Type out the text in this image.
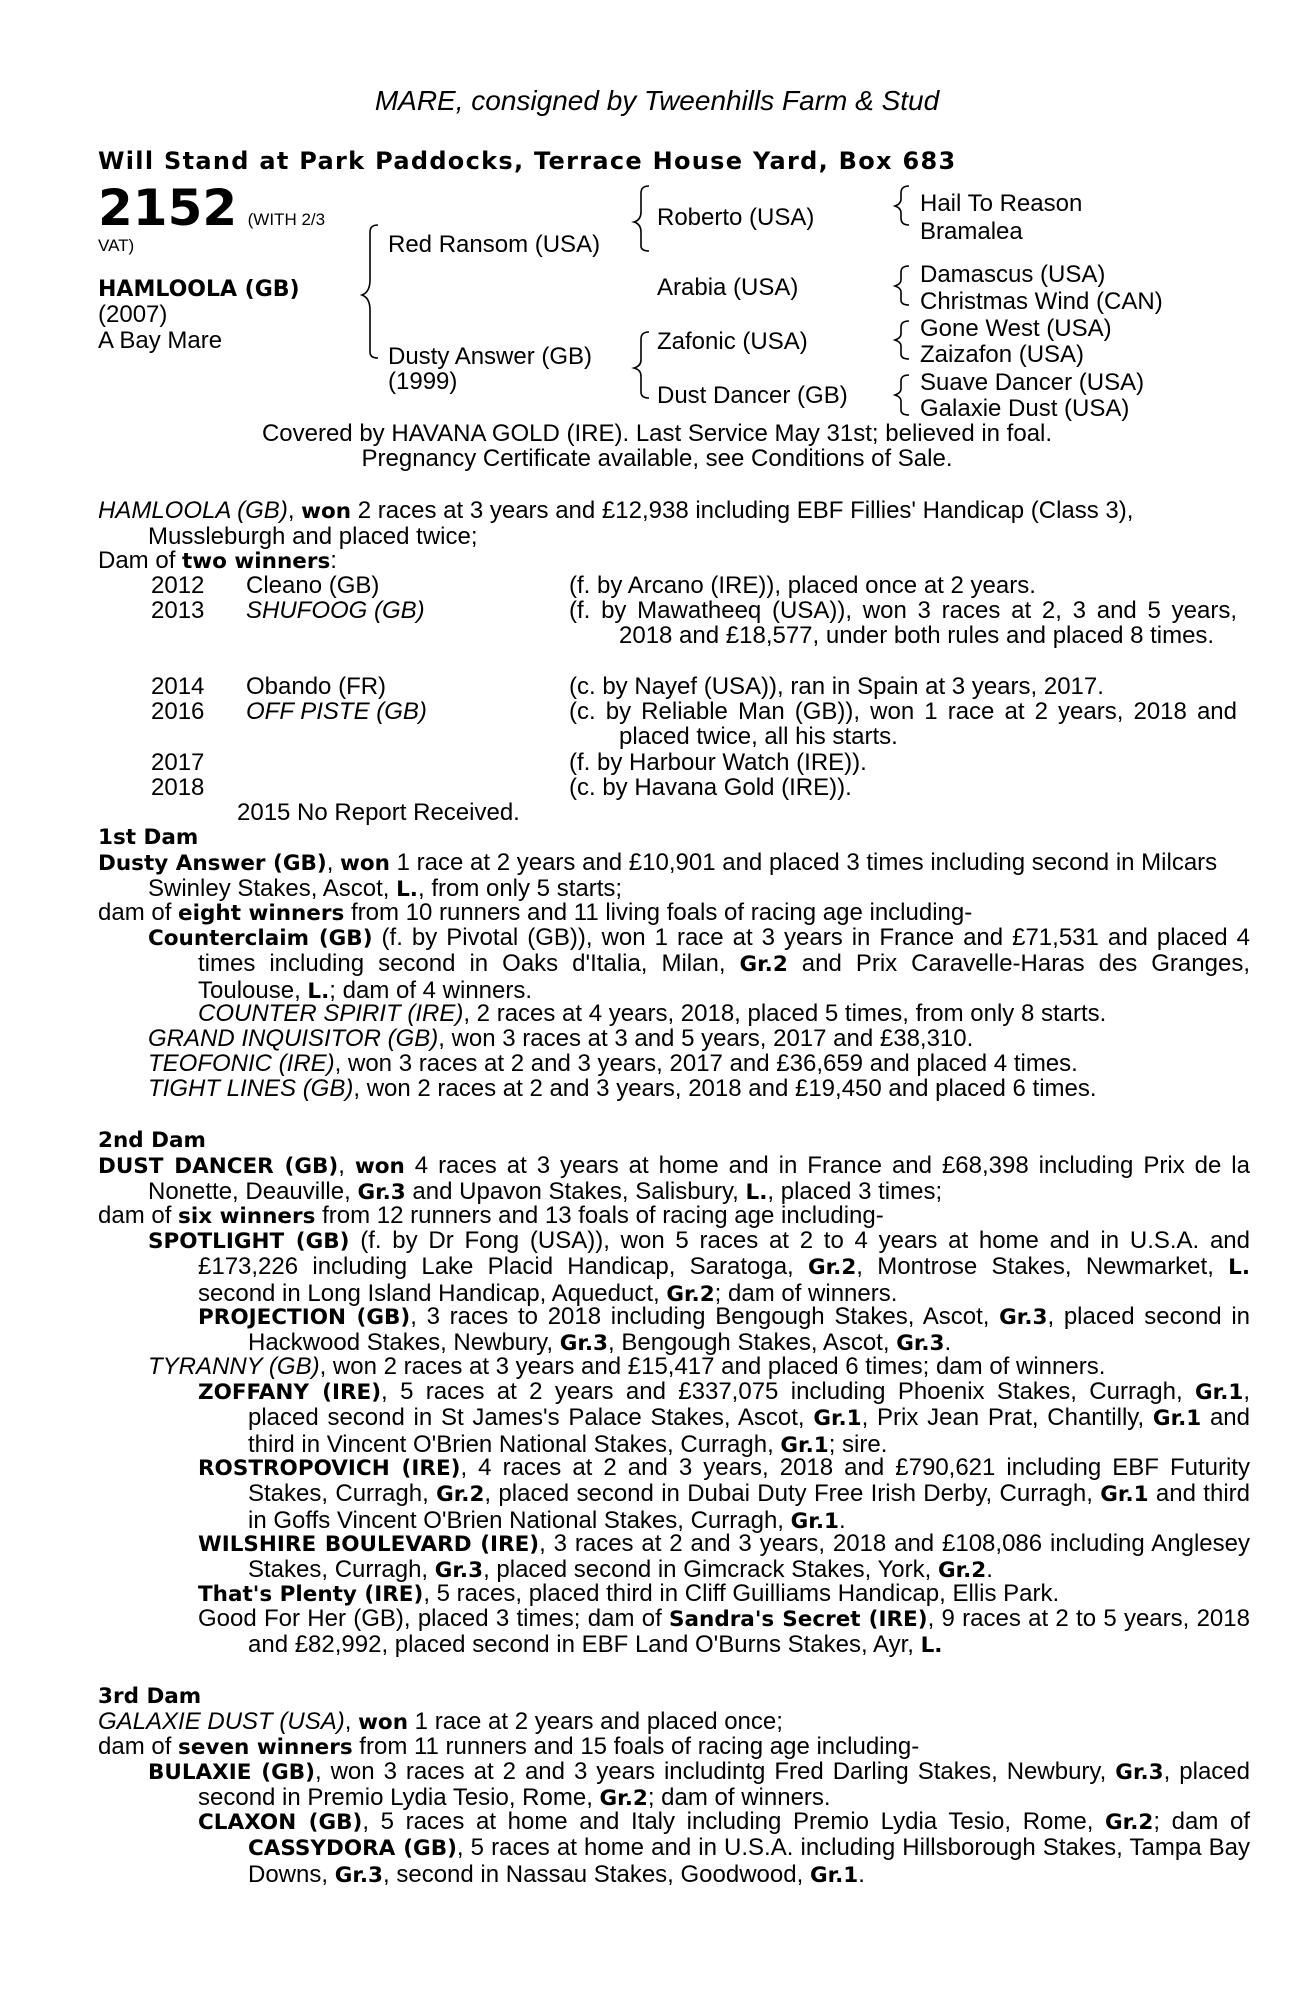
MARE, consigned by Tweenhills Farm & Stud
Will Stand at Park Paddocks, Terrace House Yard, Box 683
2152 (WITH 2/3
VAT)
HAMLOOLA (GB)
(2007)
A Bay Mare
Red Ransom (USA)
Dusty Answer (GB)
(1999)
Roberto (USA)
Arabia (USA)
Zafonic (USA)
Dust Dancer (GB)
Hail To Reason
Bramalea
Damascus (USA)
Christmas Wind (CAN)
Gone West (USA)
Zaizafon (USA)
Suave Dancer (USA)
Galaxie Dust (USA)
Covered by HAVANA GOLD (IRE). Last Service May 31st; believed in foal.
Pregnancy Certificate available, see Conditions of Sale.

HAMLOOLA (GB), won 2 races at 3 years and £12,938 including EBF Fillies' Handicap (Class 3), Mussleburgh and placed twice;

Dam of two winners:

2012 Cleano (GB)	(f. by Arcano (IRE)), placed once at 2 years.
2013 SHUFOOG (GB)	(f. by Mawatheeq (USA)), won 3 races at 2, 3 and 5 years, 2018 and £18,577, under both rules and placed 8 times.
2014 Obando (FR)	(c. by Nayef (USA)), ran in Spain at 3 years, 2017.
2016 OFF PISTE (GB)	(c. by Reliable Man (GB)), won 1 race at 2 years, 2018 and placed twice, all his starts.
2017	(f. by Harbour Watch (IRE)).
2018	(c. by Havana Gold (IRE)).
2015 No Report Received.
1st Dam

Dusty Answer (GB), won 1 race at 2 years and £10,901 and placed 3 times including second in Milcars Swinley Stakes, Ascot, L., from only 5 starts;

dam of eight winners from 10 runners and 11 living foals of racing age including-

Counterclaim (GB) (f. by Pivotal (GB)), won 1 race at 3 years in France and £71,531 and placed 4 times including second in Oaks d'Italia, Milan, Gr.2 and Prix Caravelle-Haras des Granges, Toulouse, L.; dam of 4 winners.

COUNTER SPIRIT (IRE), 2 races at 4 years, 2018, placed 5 times, from only 8 starts.

GRAND INQUISITOR (GB), won 3 races at 3 and 5 years, 2017 and £38,310.

TEOFONIC (IRE), won 3 races at 2 and 3 years, 2017 and £36,659 and placed 4 times.

TIGHT LINES (GB), won 2 races at 2 and 3 years, 2018 and £19,450 and placed 6 times.

2nd Dam

DUST DANCER (GB), won 4 races at 3 years at home and in France and £68,398 including Prix de la Nonette, Deauville, Gr.3 and Upavon Stakes, Salisbury, L., placed 3 times;

dam of six winners from 12 runners and 13 foals of racing age including-

SPOTLIGHT (GB) (f. by Dr Fong (USA)), won 5 races at 2 to 4 years at home and in U.S.A. and £173,226 including Lake Placid Handicap, Saratoga, Gr.2, Montrose Stakes, Newmarket, L. second in Long Island Handicap, Aqueduct, Gr.2; dam of winners.

PROJECTION (GB), 3 races to 2018 including Bengough Stakes, Ascot, Gr.3, placed second in Hackwood Stakes, Newbury, Gr.3, Bengough Stakes, Ascot, Gr.3.

TYRANNY (GB), won 2 races at 3 years and £15,417 and placed 6 times; dam of winners.

ZOFFANY (IRE), 5 races at 2 years and £337,075 including Phoenix Stakes, Curragh, Gr.1, placed second in St James's Palace Stakes, Ascot, Gr.1, Prix Jean Prat, Chantilly, Gr.1 and third in Vincent O'Brien National Stakes, Curragh, Gr.1; sire.

ROSTROPOVICH (IRE), 4 races at 2 and 3 years, 2018 and £790,621 including EBF Futurity Stakes, Curragh, Gr.2, placed second in Dubai Duty Free Irish Derby, Curragh, Gr.1 and third in Goffs Vincent O'Brien National Stakes, Curragh, Gr.1.

WILSHIRE BOULEVARD (IRE), 3 races at 2 and 3 years, 2018 and £108,086 including Anglesey Stakes, Curragh, Gr.3, placed second in Gimcrack Stakes, York, Gr.2.

That's Plenty (IRE), 5 races, placed third in Cliff Guilliams Handicap, Ellis Park.

Good For Her (GB), placed 3 times; dam of Sandra's Secret (IRE), 9 races at 2 to 5 years, 2018 and £82,992, placed second in EBF Land O'Burns Stakes, Ayr, L.

3rd Dam

GALAXIE DUST (USA), won 1 race at 2 years and placed once;

dam of seven winners from 11 runners and 15 foals of racing age including-

BULAXIE (GB), won 3 races at 2 and 3 years includintg Fred Darling Stakes, Newbury, Gr.3, placed second in Premio Lydia Tesio, Rome, Gr.2; dam of winners.

CLAXON (GB), 5 races at home and Italy including Premio Lydia Tesio, Rome, Gr.2; dam of CASSYDORA (GB), 5 races at home and in U.S.A. including Hillsborough Stakes, Tampa Bay Downs, Gr.3, second in Nassau Stakes, Goodwood, Gr.1.
